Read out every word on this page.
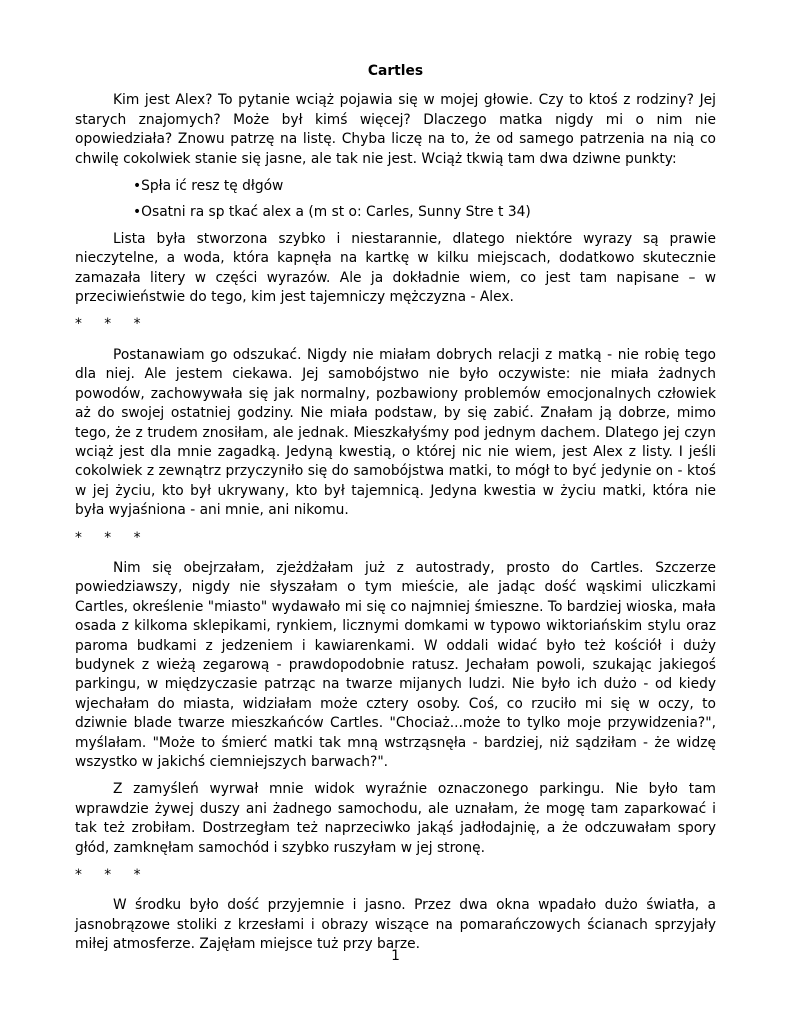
Cartles

Kim jest Alex? To pytanie wciąż pojawia się w mojej głowie. Czy to ktoś z rodziny? Jej starych znajomych? Może był kimś więcej? Dlaczego matka nigdy mi o nim nie opowiedziała? Znowu patrzę na listę. Chyba liczę na to, że od samego patrzenia na nią co chwilę cokolwiek stanie się jasne, ale tak nie jest. Wciąż tkwią tam dwa dziwne punkty:

•Spła ić resz tę dłgów

•Osatni ra sp tkać alex a (m st o: Carles, Sunny Stre t 34)

Lista była stworzona szybko i niestarannie, dlatego niektóre wyrazy są prawie nieczytelne, a woda, która kapnęła na kartkę w kilku miejscach, dodatkowo skutecznie zamazała litery w części wyrazów. Ale ja dokładnie wiem, co jest tam napisane – w przeciwieństwie do tego, kim jest tajemniczy mężczyzna - Alex.

* * *

Postanawiam go odszukać. Nigdy nie miałam dobrych relacji z matką - nie robię tego dla niej. Ale jestem ciekawa. Jej samobójstwo nie było oczywiste: nie miała żadnych powodów, zachowywała się jak normalny, pozbawiony problemów emocjonalnych człowiek aż do swojej ostatniej godziny. Nie miała podstaw, by się zabić. Znałam ją dobrze, mimo tego, że z trudem znosiłam, ale jednak. Mieszkałyśmy pod jednym dachem. Dlatego jej czyn wciąż jest dla mnie zagadką. Jedyną kwestią, o której nic nie wiem, jest Alex z listy. I jeśli cokolwiek z zewnątrz przyczyniło się do samobójstwa matki, to mógł to być jedynie on - ktoś w jej życiu, kto był ukrywany, kto był tajemnicą. Jedyna kwestia w życiu matki, która nie była wyjaśniona - ani mnie, ani nikomu.

* * *

Nim się obejrzałam, zjeżdżałam już z autostrady, prosto do Cartles. Szczerze powiedziawszy, nigdy nie słyszałam o tym mieście, ale jadąc dość wąskimi uliczkami Cartles, określenie "miasto" wydawało mi się co najmniej śmieszne. To bardziej wioska, mała osada z kilkoma sklepikami, rynkiem, licznymi domkami w typowo wiktoriańskim stylu oraz paroma budkami z jedzeniem i kawiarenkami. W oddali widać było też kościół i duży budynek z wieżą zegarową - prawdopodobnie ratusz. Jechałam powoli, szukając jakiegoś parkingu, w międzyczasie patrząc na twarze mijanych ludzi. Nie było ich dużo - od kiedy wjechałam do miasta, widziałam może cztery osoby. Coś, co rzuciło mi się w oczy, to dziwnie blade twarze mieszkańców Cartles. "Chociaż...może to tylko moje przywidzenia?", myślałam. "Może to śmierć matki tak mną wstrząsnęła - bardziej, niż sądziłam - że widzę wszystko w jakichś ciemniejszych barwach?".

Z zamyśleń wyrwał mnie widok wyraźnie oznaczonego parkingu. Nie było tam wprawdzie żywej duszy ani żadnego samochodu, ale uznałam, że mogę tam zaparkować i tak też zrobiłam. Dostrzegłam też naprzeciwko jakąś jadłodajnię, a że odczuwałam spory głód, zamknęłam samochód i szybko ruszyłam w jej stronę.

* * *

W środku było dość przyjemnie i jasno. Przez dwa okna wpadało dużo światła, a jasnobrązowe stoliki z krzesłami i obrazy wiszące na pomarańczowych ścianach sprzyjały miłej atmosferze. Zajęłam miejsce tuż przy barze.

1
